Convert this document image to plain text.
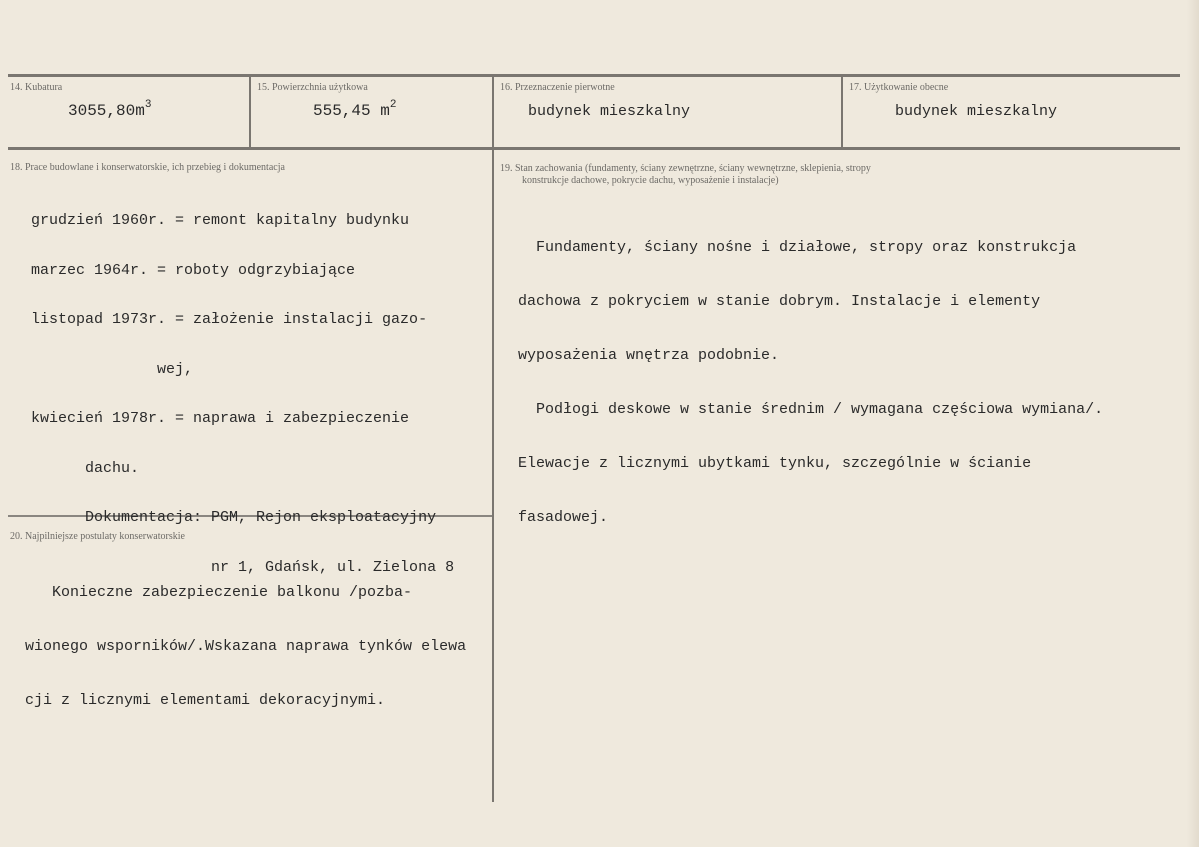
14. Kubatura
$3055,80m^3$
15. Powierzchnia użytkowa
555,45 $m^2$
16. Przeznaczenie pierwotne
budynek mieszkalny
17. Użytkowanie obecne
budynek mieszkalny
18. Prace budowlane i konserwatorskie, ich przebieg i dokumentacja

grudzień 1960r. = remont kapitalny budynku

marzec 1964r. = roboty odgrzybiające

listopad 1973r. = założenie instalacji gazo-

wej,

kwiecień 1978r. = naprawa i zabezpieczenie

dachu.

Dokumentacja: PGM, Rejon eksploatacyjny

nr 1, Gdańsk, ul. Zielona 8

19. Stan zachowania (fundamenty, ściany zewnętrzne, ściany wewnętrzne, sklepienia, stropy
konstrukcje dachowe, pokrycie dachu, wyposażenie i instalacje)

Fundamenty, ściany nośne i działowe, stropy oraz konstrukcja

dachowa z pokryciem w stanie dobrym. Instalacje i elementy

wyposażenia wnętrza podobnie.

Podłogi deskowe w stanie średnim / wymagana częściowa wymiana/.

Elewacje z licznymi ubytkami tynku, szczególnie w ścianie

fasadowej.

20. Najpilniejsze postulaty konserwatorskie

Konieczne zabezpieczenie balkonu /pozba-

wionego wsporników/.Wskazana naprawa tynków elewa

cji z licznymi elementami dekoracyjnymi.
